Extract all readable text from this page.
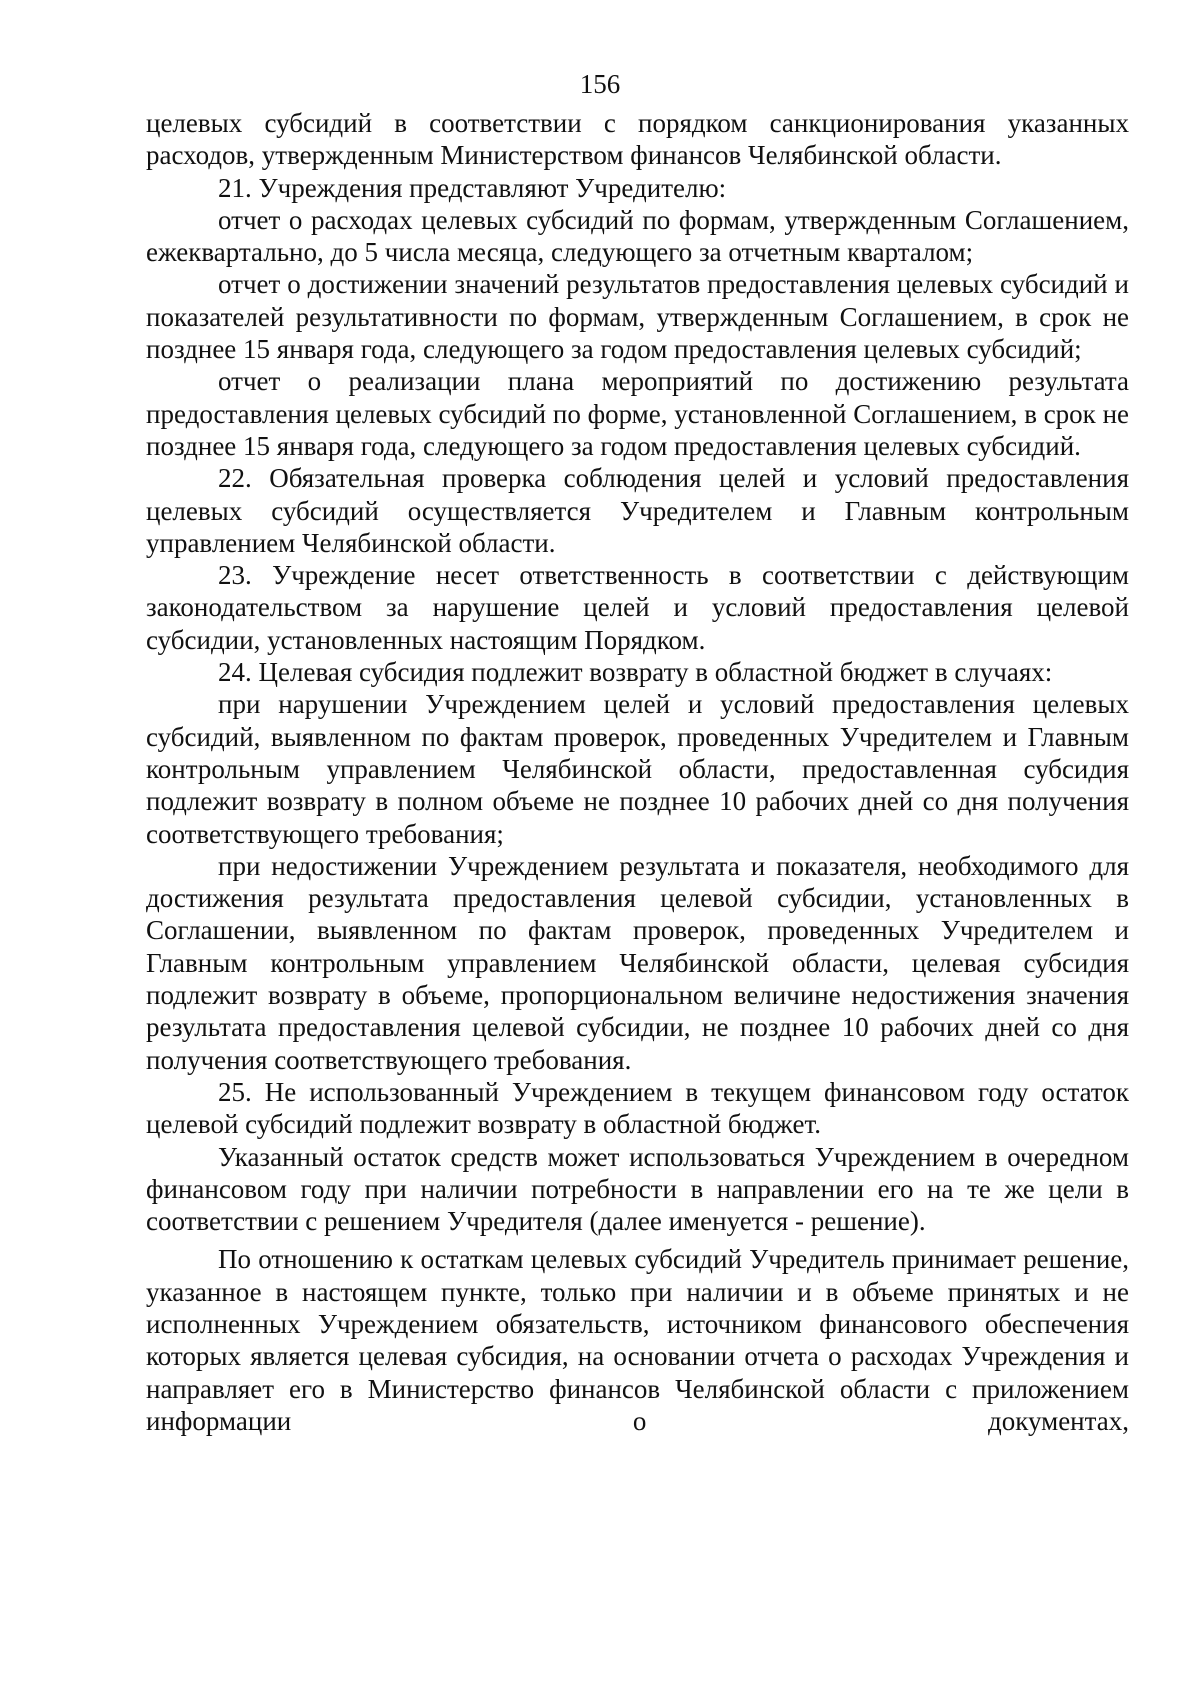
156

целевых субсидий в соответствии с порядком санкционирования указанных расходов, утвержденным Министерством финансов Челябинской области.

21. Учреждения представляют Учредителю:

отчет о расходах целевых субсидий по формам, утвержденным Соглашением, ежеквартально, до 5 числа месяца, следующего за отчетным кварталом;

отчет о достижении значений результатов предоставления целевых субсидий и показателей результативности по формам, утвержденным Соглашением, в срок не позднее 15 января года, следующего за годом предоставления целевых субсидий;

отчет о реализации плана мероприятий по достижению результата предоставления целевых субсидий по форме, установленной Соглашением, в срок не позднее 15 января года, следующего за годом предоставления целевых субсидий.

22. Обязательная проверка соблюдения целей и условий предоставления целевых субсидий осуществляется Учредителем и Главным контрольным управлением Челябинской области.

23. Учреждение несет ответственность в соответствии с действующим законодательством за нарушение целей и условий предоставления целевой субсидии, установленных настоящим Порядком.

24. Целевая субсидия подлежит возврату в областной бюджет в случаях:

при нарушении Учреждением целей и условий предоставления целевых субсидий, выявленном по фактам проверок, проведенных Учредителем и Главным контрольным управлением Челябинской области, предоставленная субсидия подлежит возврату в полном объеме не позднее 10 рабочих дней со дня получения соответствующего требования;

при недостижении Учреждением результата и показателя, необходимого для достижения результата предоставления целевой субсидии, установленных в Соглашении, выявленном по фактам проверок, проведенных Учредителем и Главным контрольным управлением Челябинской области, целевая субсидия подлежит возврату в объеме, пропорциональном величине недостижения значения результата предоставления целевой субсидии, не позднее 10 рабочих дней со дня получения соответствующего требования.

25. Не использованный Учреждением в текущем финансовом году остаток целевой субсидий подлежит возврату в областной бюджет.

Указанный остаток средств может использоваться Учреждением в очередном финансовом году при наличии потребности в направлении его на те же цели в соответствии с решением Учредителя (далее именуется - решение).

По отношению к остаткам целевых субсидий Учредитель принимает решение, указанное в настоящем пункте, только при наличии и в объеме принятых и не исполненных Учреждением обязательств, источником финансового обеспечения которых является целевая субсидия, на основании отчета о расходах Учреждения и направляет его в Министерство финансов Челябинской области с приложением информации о документах,
